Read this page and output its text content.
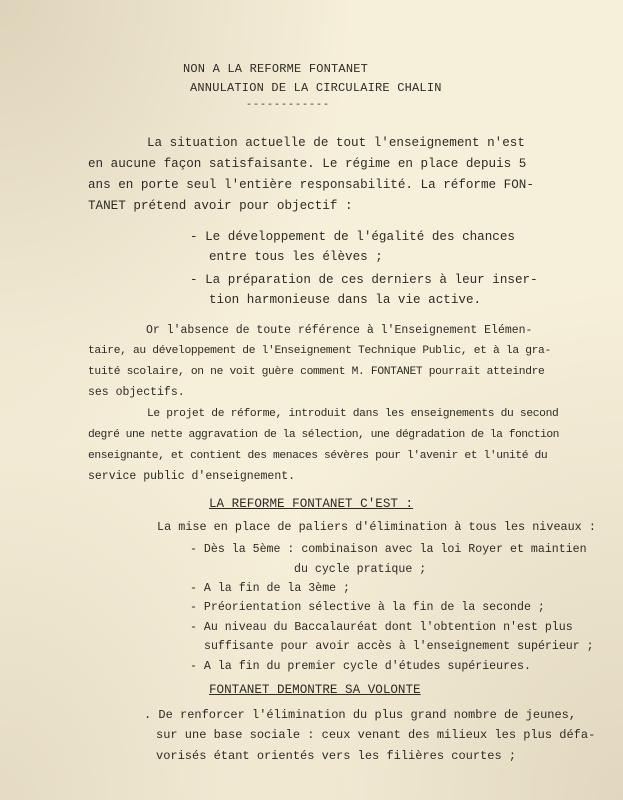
NON A LA REFORME FONTANET
ANNULATION DE LA CIRCULAIRE CHALIN
------------
La situation actuelle de tout l'enseignement n'est
en aucune façon satisfaisante. Le régime en place depuis 5
ans en porte seul l'entière responsabilité. La réforme FON-
TANET prétend avoir pour objectif :
- Le développement de l'égalité des chances
entre tous les élèves ;
- La préparation de ces derniers à leur inser-
tion harmonieuse dans la vie active.
Or l'absence de toute référence à l'Enseignement Elémen-
taire, au développement de l'Enseignement Technique Public, et à la gra-
tuité scolaire, on ne voit guère comment M. FONTANET pourrait atteindre
ses objectifs.
Le projet de réforme, introduit dans les enseignements du second
degré une nette aggravation de la sélection, une dégradation de la fonction
enseignante, et contient des menaces sévères pour l'avenir et l'unité du
service public d'enseignement.
LA REFORME FONTANET C'EST :
La mise en place de paliers d'élimination à tous les niveaux :
- Dès la 5ème : combinaison avec la loi Royer et maintien
du cycle pratique ;
- A la fin de la 3ème ;
- Préorientation sélective à la fin de la seconde ;
- Au niveau du Baccalauréat dont l'obtention n'est plus
suffisante pour avoir accès à l'enseignement supérieur ;
- A la fin du premier cycle d'études supérieures.
FONTANET DEMONTRE SA VOLONTE
. De renforcer l'élimination du plus grand nombre de jeunes,
sur une base sociale : ceux venant des milieux les plus défa-
vorisés étant orientés vers les filières courtes ;
